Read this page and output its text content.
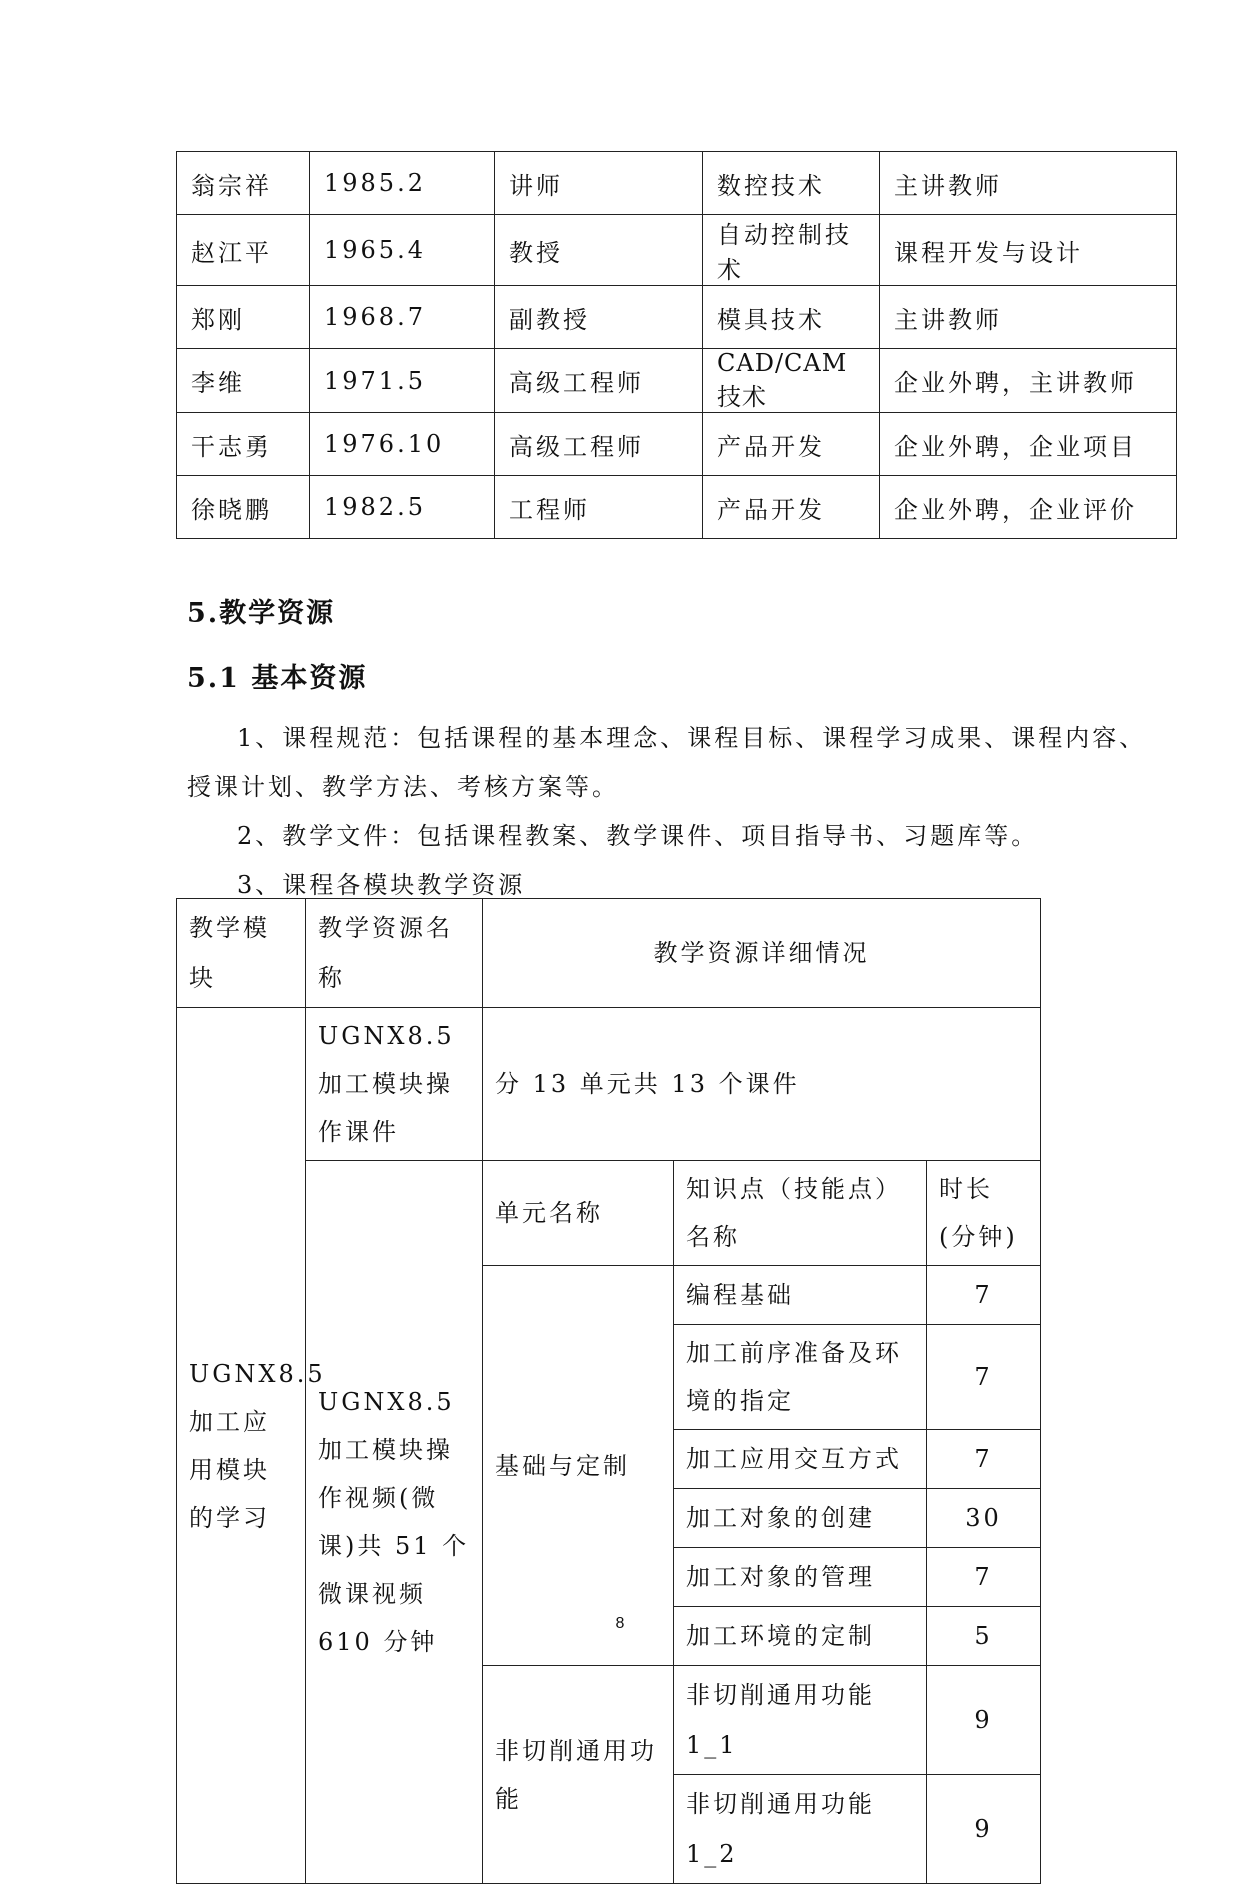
翁宗祥	1985.2	讲师	数控技术	主讲教师
赵江平	1965.4	教授	自动控制技术	课程开发与设计
郑刚	1968.7	副教授	模具技术	主讲教师
李维	1971.5	高级工程师	CAD/CAM 技术	企业外聘，主讲教师
干志勇	1976.10	高级工程师	产品开发	企业外聘，企业项目
徐晓鹏	1982.5	工程师	产品开发	企业外聘，企业评价
5.教学资源
5.1 基本资源

1、课程规范：包括课程的基本理念、课程目标、课程学习成果、课程内容、

授课计划、教学方法、考核方案等。

2、教学文件：包括课程教案、教学课件、项目指导书、习题库等。

3、课程各模块教学资源

教学模块	教学资源名称	教学资源详细情况		
UGNX8.5 加工应用模块的学习	UGNX8.5 加工模块操作课件	分 13 单元共 13 个课件		
	UGNX8.5 加工模块操作视频(微课)共 51 个微课视频 610 分钟	单元名称	知识点（技能点）名称	时长(分钟)
		基础与定制	编程基础	7
			加工前序准备及环境的指定	7
			加工应用交互方式	7
			加工对象的创建	30
			加工对象的管理	7
			加工环境的定制	5
		非切削通用功能	非切削通用功能 1_1	9
			非切削通用功能 1_2	9
8
